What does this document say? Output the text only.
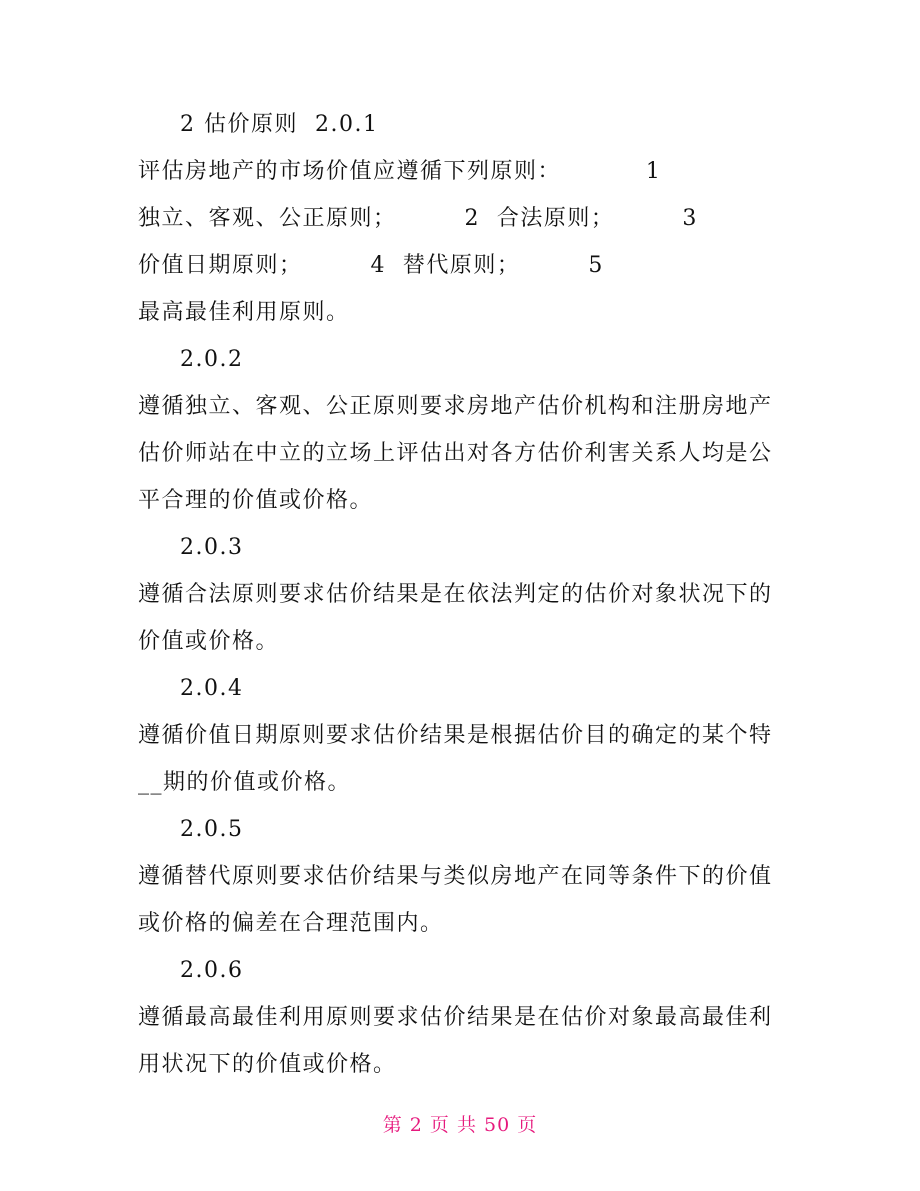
2 估价原则  2.0.1
评估房地产的市场价值应遵循下列原则：          1
独立、客观、公正原则；        2  合法原则；        3
价值日期原则；        4  替代原则；        5
最高最佳利用原则。
2.0.2
遵循独立、客观、公正原则要求房地产估价机构和注册房地产
估价师站在中立的立场上评估出对各方估价利害关系人均是公
平合理的价值或价格。
2.0.3
遵循合法原则要求估价结果是在依法判定的估价对象状况下的
价值或价格。
2.0.4
遵循价值日期原则要求估价结果是根据估价目的确定的某个特
__期的价值或价格。
2.0.5
遵循替代原则要求估价结果与类似房地产在同等条件下的价值
或价格的偏差在合理范围内。
2.0.6
遵循最高最佳利用原则要求估价结果是在估价对象最高最佳利
用状况下的价值或价格。
第 2 页 共 50 页
